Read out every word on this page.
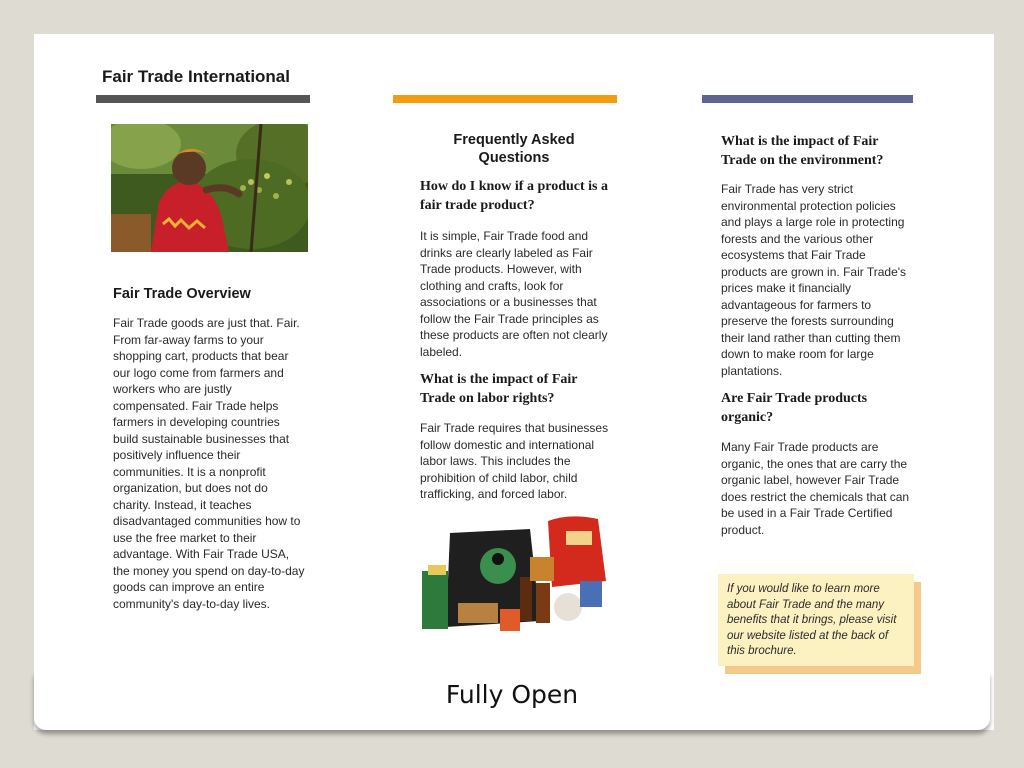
Fair Trade International
Fair Trade Overview
Fair Trade goods are just that. Fair. From far-away farms to your shopping cart, products that bear our logo come from farmers and workers who are justly compensated. Fair Trade helps farmers in developing countries build sustainable businesses that positively influence their communities. It is a nonprofit organization, but does not do charity. Instead, it teaches disadvantaged communities how to use the free market to their advantage. With Fair Trade USA, the money you spend on day-to-day goods can improve an entire community's day-to-day lives.
Frequently Asked Questions
How do I know if a product is a fair trade product?
It is simple, Fair Trade food and drinks are clearly labeled as Fair Trade products. However, with clothing and crafts, look for associations or a businesses that follow the Fair Trade principles as these products are often not clearly labeled.
What is the impact of Fair Trade on labor rights?
Fair Trade requires that businesses follow domestic and international labor laws. This includes the prohibition of child labor, child trafficking, and forced labor.
What is the impact of Fair Trade on the environment?
Fair Trade has very strict environmental protection policies and plays a large role in protecting forests and the various other ecosystems that Fair Trade products are grown in. Fair Trade's prices make it financially advantageous for farmers to preserve the forests surrounding their land rather than cutting them down to make room for large plantations.
Are Fair Trade products organic?
Many Fair Trade products are organic, the ones that are carry the organic label, however Fair Trade does restrict the chemicals that can be used in a Fair Trade Certified product.
If you would like to learn more about Fair Trade and the many benefits that it brings, please visit our website listed at the back of this brochure.
Fully Open
